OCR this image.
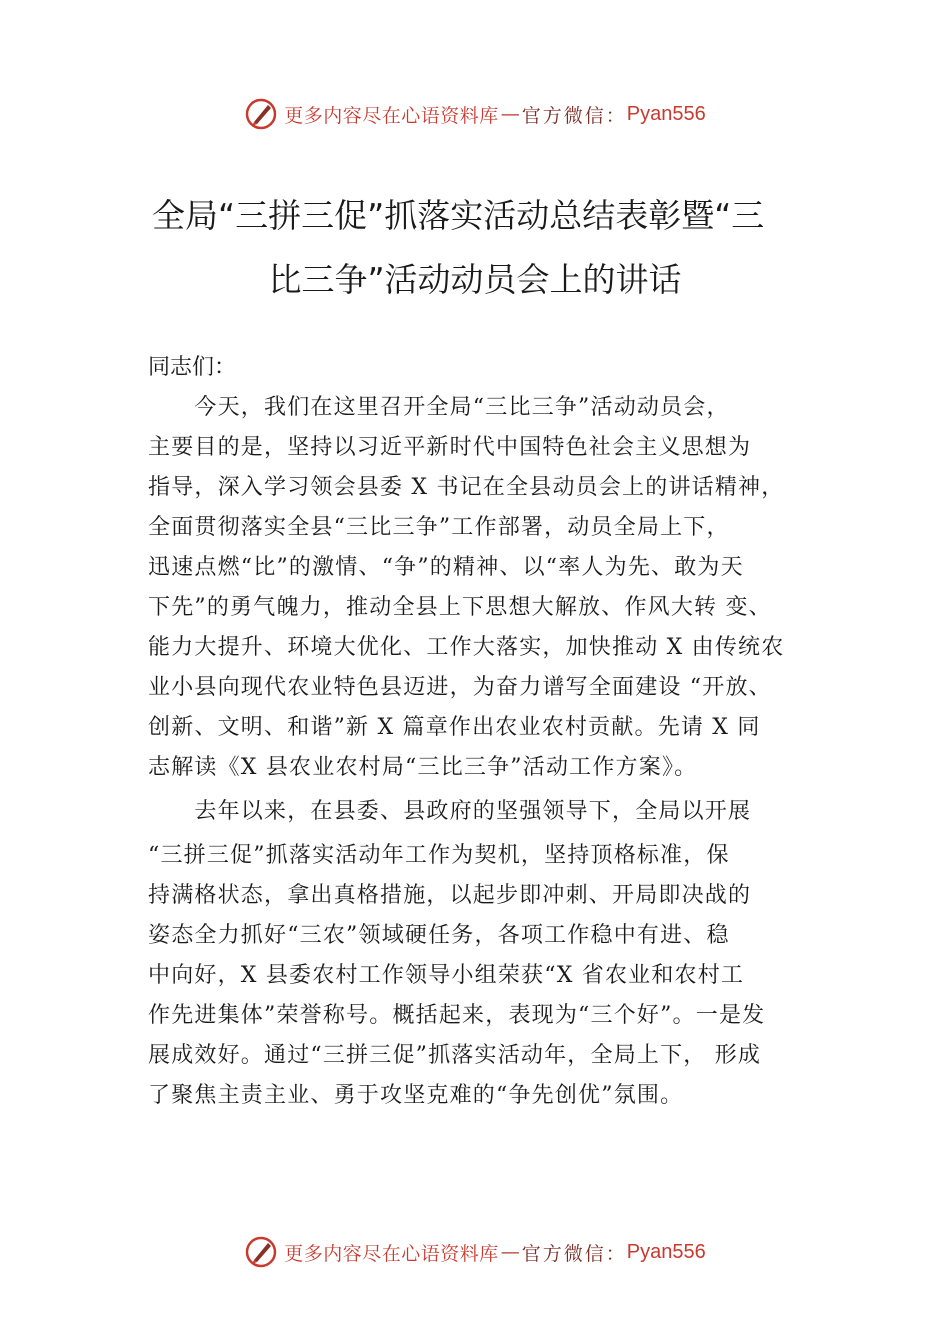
更多内容尽在心语资料库 — 官方微信： Pyan556
全局“三拼三促”抓落实活动总结表彰暨“三
比三争”活动动员会上的讲话
同志们：
　　今天，我们在这里召开全局“三比三争”活动动员会，
主要目的是，坚持以习近平新时代中国特色社会主义思想为
指导，深入学习领会县委 X 书记在全县动员会上的讲话精神，
全面贯彻落实全县“三比三争”工作部署，动员全局上下，
迅速点燃“比”的激情、“争”的精神、以“率人为先、敢为天
下先”的勇气魄力，推动全县上下思想大解放、作风大转 变、
能力大提升、环境大优化、工作大落实，加快推动 X 由传统农
业小县向现代农业特色县迈进，为奋力谱写全面建设 “开放、
创新、文明、和谐”新 X 篇章作出农业农村贡献。先请 X 同
志解读《X 县农业农村局“三比三争”活动工作方案》。
　　去年以来，在县委、县政府的坚强领导下，全局以开展
“三拼三促”抓落实活动年工作为契机，坚持顶格标准，保
持满格状态，拿出真格措施，以起步即冲刺、开局即决战的
姿态全力抓好“三农”领域硬任务，各项工作稳中有进、稳
中向好，X 县委农村工作领导小组荣获“X 省农业和农村工
作先进集体”荣誉称号。概括起来，表现为“三个好”。一是发
展成效好。通过“三拼三促”抓落实活动年，全局上下， 形成
了聚焦主责主业、勇于攻坚克难的“争先创优”氛围。
更多内容尽在心语资料库 — 官方微信： Pyan556
